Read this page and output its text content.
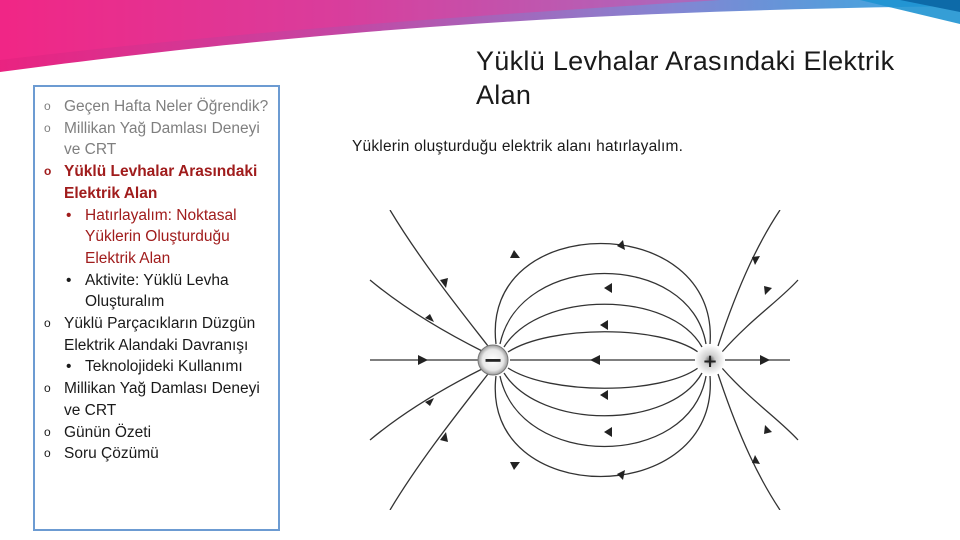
o Geçen Hafta Neler Öğrendik?
o Millikan Yağ Damlası Deneyi ve CRT
o Yüklü Levhalar Arasındaki Elektrik Alan
• Hatırlayalım: Noktasal Yüklerin Oluşturduğu Elektrik Alan
• Aktivite: Yüklü Levha Oluşturalım
o Yüklü Parçacıkların Düzgün Elektrik Alandaki Davranışı
• Teknolojideki Kullanımı
o Millikan Yağ Damlası Deneyi ve CRT
o Günün Özeti
o Soru Çözümü
Yüklü Levhalar Arasındaki Elektrik Alan
Yüklerin oluşturduğu elektrik alanı hatırlayalım.
−	+
